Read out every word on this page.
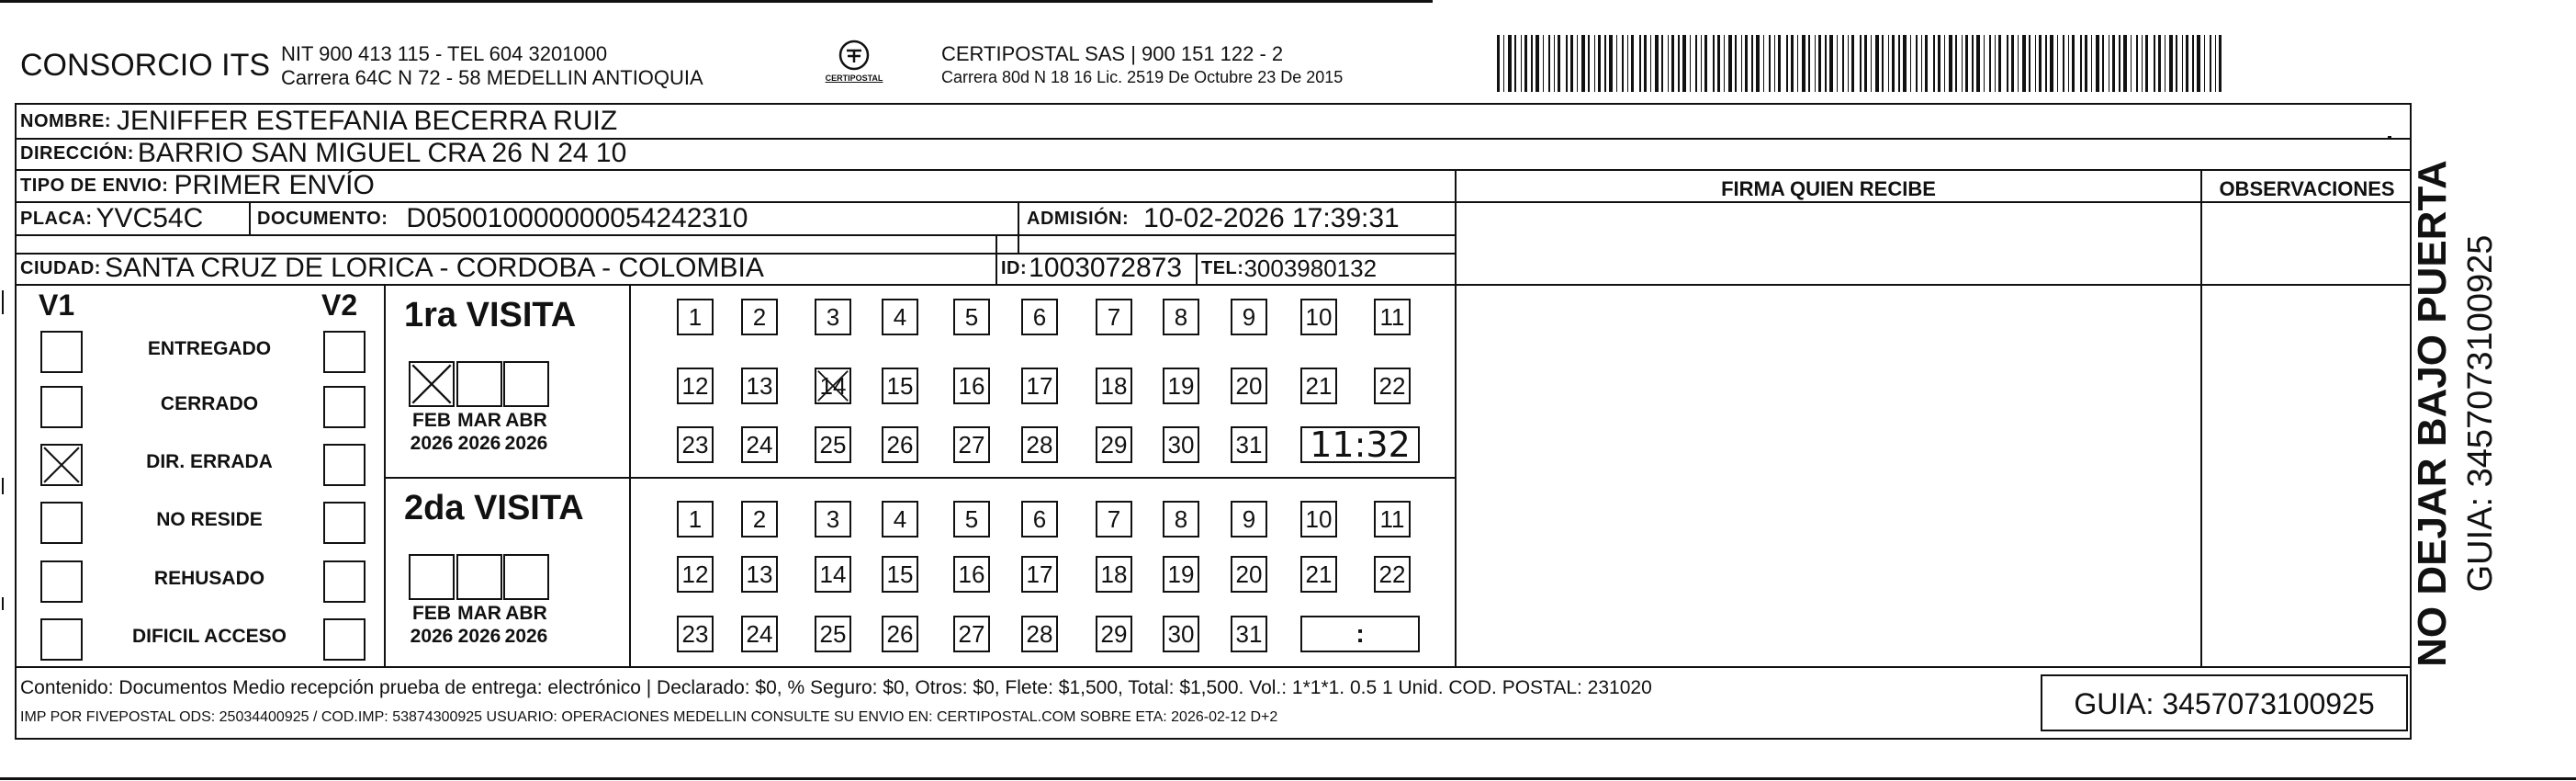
CONSORCIO ITS NIT 900 413 115 - TEL 604 3201000
Carrera 64C N 72 - 58 MEDELLIN ANTIOQUIA	CERTIPOSTAL
CERTIPOSTAL SAS | 900 151 122 - 2
Carrera 80d N 18 16 Lic. 2519 De Octubre 23 De 2015
NOMBRE: JENIFFER ESTEFANIA BECERRA RUIZ
DIRECCIÓN: BARRIO SAN MIGUEL CRA 26 N 24 10
TIPO DE ENVIO: PRIMER ENVÍO	FIRMA QUIEN RECIBE	OBSERVACIONES
PLACA: YVC54C	DOCUMENTO: D050010000000054242310	ADMISIÓN: 10-02-2026 17:39:31
CIUDAD: SANTA CRUZ DE LORICA - CORDOBA - COLOMBIA	ID: 1003072873 TEL: 3003980132
V1	V2
ENTREGADO
CERRADO
DIR. ERRADA
NO RESIDE
REHUSADO
DIFICIL ACCESO
1ra VISITA
2da VISITA
FEB
2026
MAR
2026
ABR
2026
FEB
2026
MAR
2026
ABR
2026
1	2	3	4	5	6	7	8	9	10 11
12 13 14 15 16 17 18 19 20 21 22
23 24 25 26 27 28 29 30 31 11:32
1	2	3	4	5	6	7	8	9	10 11
12 13 14 15 16 17 18 19 20 21 22
23 24 25 26 27 28 29 30 31	:
Contenido: Documentos Medio recepción prueba de entrega: electrónico | Declarado: $0, % Seguro: $0, Otros: $0, Flete: $1,500, Total: $1,500. Vol.: 1*1*1. 0.5 1 Unid. COD. POSTAL: 231020
IMP POR FIVEPOSTAL ODS: 25034400925 / COD.IMP: 53874300925 USUARIO: OPERACIONES MEDELLIN CONSULTE SU ENVIO EN: CERTIPOSTAL.COM SOBRE ETA: 2026-02-12 D+2	GUIA: 3457073100925
NO DEJAR BAJO PUERTA GUIA: 3457073100925
